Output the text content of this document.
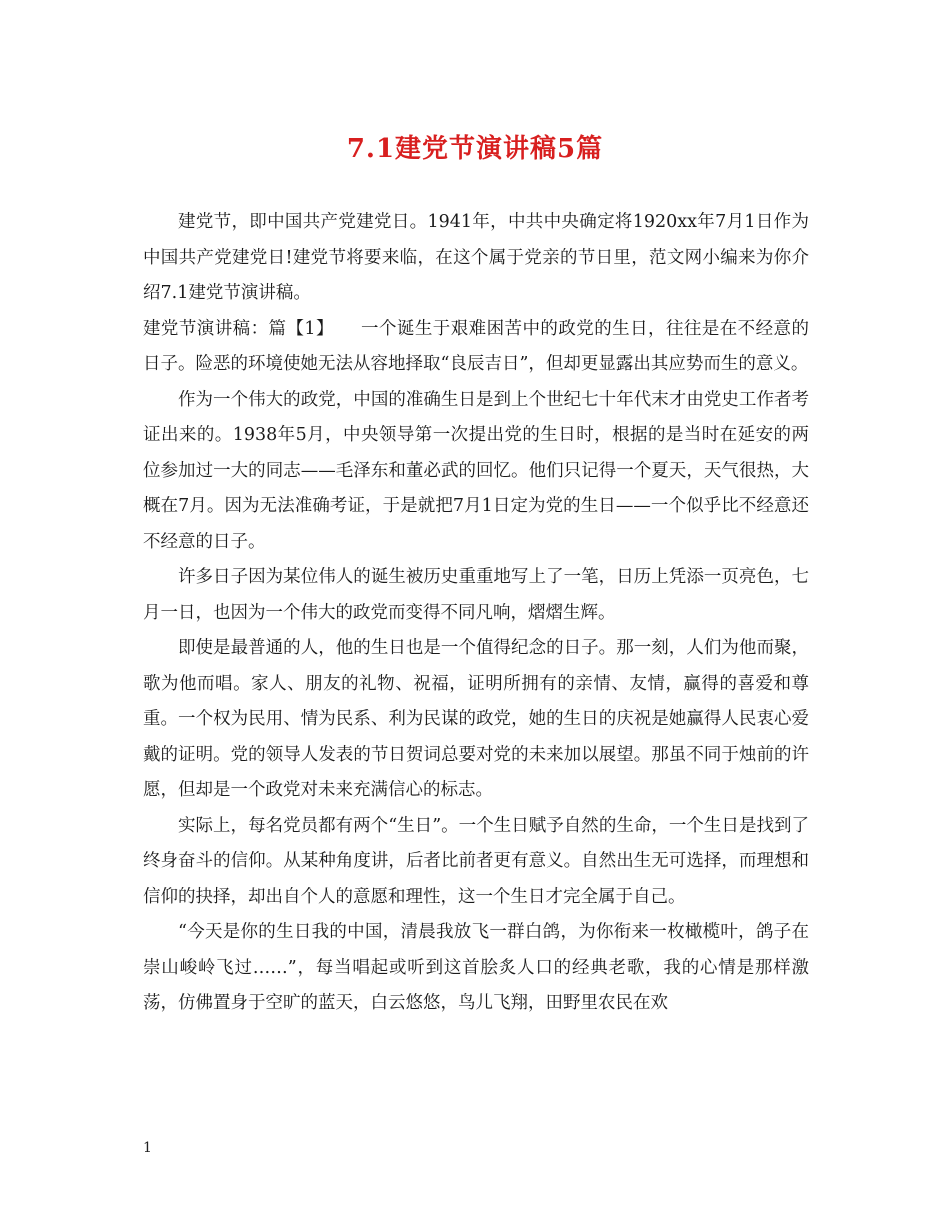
7.1建党节演讲稿5篇

建党节，即中国共产党建党日。1941年，中共中央确定将1920xx年7月1日作为中国共产党建党日!建党节将要来临，在这个属于党亲的节日里，范文网小编来为你介绍7.1建党节演讲稿。

建党节演讲稿：篇【1】　　一个诞生于艰难困苦中的政党的生日，往往是在不经意的日子。险恶的环境使她无法从容地择取“良辰吉日”，但却更显露出其应势而生的意义。

作为一个伟大的政党，中国的准确生日是到上个世纪七十年代末才由党史工作者考证出来的。1938年5月，中央领导第一次提出党的生日时，根据的是当时在延安的两位参加过一大的同志——毛泽东和董必武的回忆。他们只记得一个夏天，天气很热，大概在7月。因为无法准确考证，于是就把7月1日定为党的生日——一个似乎比不经意还不经意的日子。

许多日子因为某位伟人的诞生被历史重重地写上了一笔，日历上凭添一页亮色，七月一日，也因为一个伟大的政党而变得不同凡响，熠熠生辉。

即使是最普通的人，他的生日也是一个值得纪念的日子。那一刻，人们为他而聚，歌为他而唱。家人、朋友的礼物、祝福，证明所拥有的亲情、友情，赢得的喜爱和尊重。一个权为民用、情为民系、利为民谋的政党，她的生日的庆祝是她赢得人民衷心爱戴的证明。党的领导人发表的节日贺词总要对党的未来加以展望。那虽不同于烛前的许愿，但却是一个政党对未来充满信心的标志。

实际上，每名党员都有两个“生日”。一个生日赋予自然的生命，一个生日是找到了终身奋斗的信仰。从某种角度讲，后者比前者更有意义。自然出生无可选择，而理想和信仰的抉择，却出自个人的意愿和理性，这一个生日才完全属于自己。

“今天是你的生日我的中国，清晨我放飞一群白鸽，为你衔来一枚橄榄叶，鸽子在崇山峻岭飞过……”，每当唱起或听到这首脍炙人口的经典老歌，我的心情是那样激荡，仿佛置身于空旷的蓝天，白云悠悠，鸟儿飞翔，田野里农民在欢

1
